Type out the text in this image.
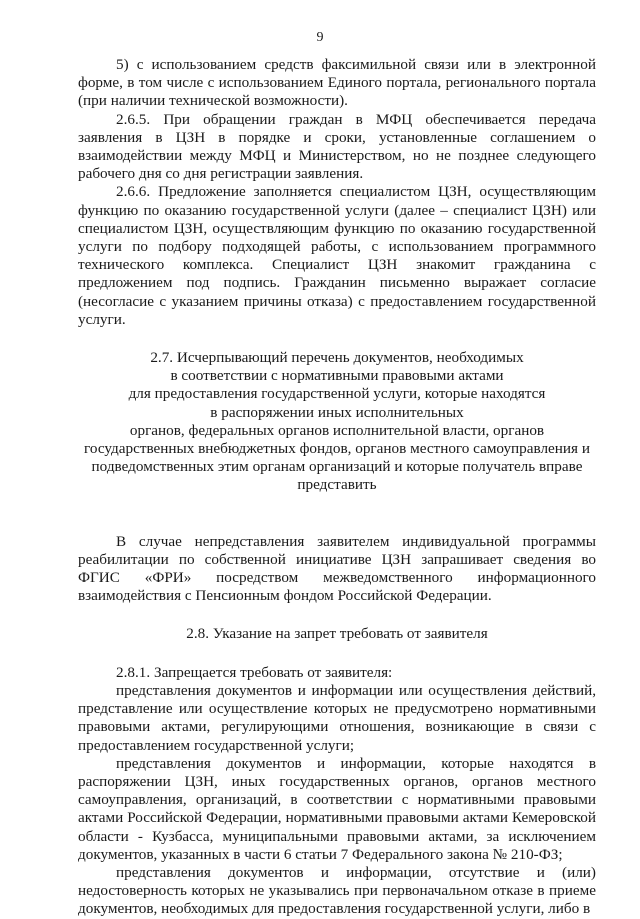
9

5) с использованием средств факсимильной связи или в электронной форме, в том числе с использованием Единого портала, регионального портала (при наличии технической возможности).

2.6.5. При обращении граждан в МФЦ обеспечивается передача заявления в ЦЗН в порядке и сроки, установленные соглашением о взаимодействии между МФЦ и Министерством, но не позднее следующего рабочего дня со дня регистрации заявления.

2.6.6. Предложение заполняется специалистом ЦЗН, осуществляющим функцию по оказанию государственной услуги (далее – специалист ЦЗН) или специалистом ЦЗН, осуществляющим функцию по оказанию государственной услуги по подбору подходящей работы, с использованием программного технического комплекса. Специалист ЦЗН знакомит гражданина с предложением под подпись. Гражданин письменно выражает согласие (несогласие с указанием причины отказа) с предоставлением государственной услуги.

2.7. Исчерпывающий перечень документов, необходимых
в соответствии с нормативными правовыми актами
для предоставления государственной услуги, которые находятся
в распоряжении иных исполнительных
органов, федеральных органов исполнительной власти, органов
государственных внебюджетных фондов, органов местного самоуправления и
подведомственных этим органам организаций и которые получатель вправе
представить

В случае непредставления заявителем индивидуальной программы реабилитации по собственной инициативе ЦЗН запрашивает сведения во ФГИС «ФРИ» посредством межведомственного информационного взаимодействия с Пенсионным фондом Российской Федерации.

2.8. Указание на запрет требовать от заявителя

2.8.1. Запрещается требовать от заявителя:

представления документов и информации или осуществления действий, представление или осуществление которых не предусмотрено нормативными правовыми актами, регулирующими отношения, возникающие в связи с предоставлением государственной услуги;

представления документов и информации, которые находятся в распоряжении ЦЗН, иных государственных органов, органов местного самоуправления, организаций, в соответствии с нормативными правовыми актами Российской Федерации, нормативными правовыми актами Кемеровской области - Кузбасса, муниципальными правовыми актами, за исключением документов, указанных в части 6 статьи 7 Федерального закона № 210-ФЗ;

представления документов и информации, отсутствие и (или) недостоверность которых не указывались при первоначальном отказе в приеме документов, необходимых для предоставления государственной услуги, либо в
